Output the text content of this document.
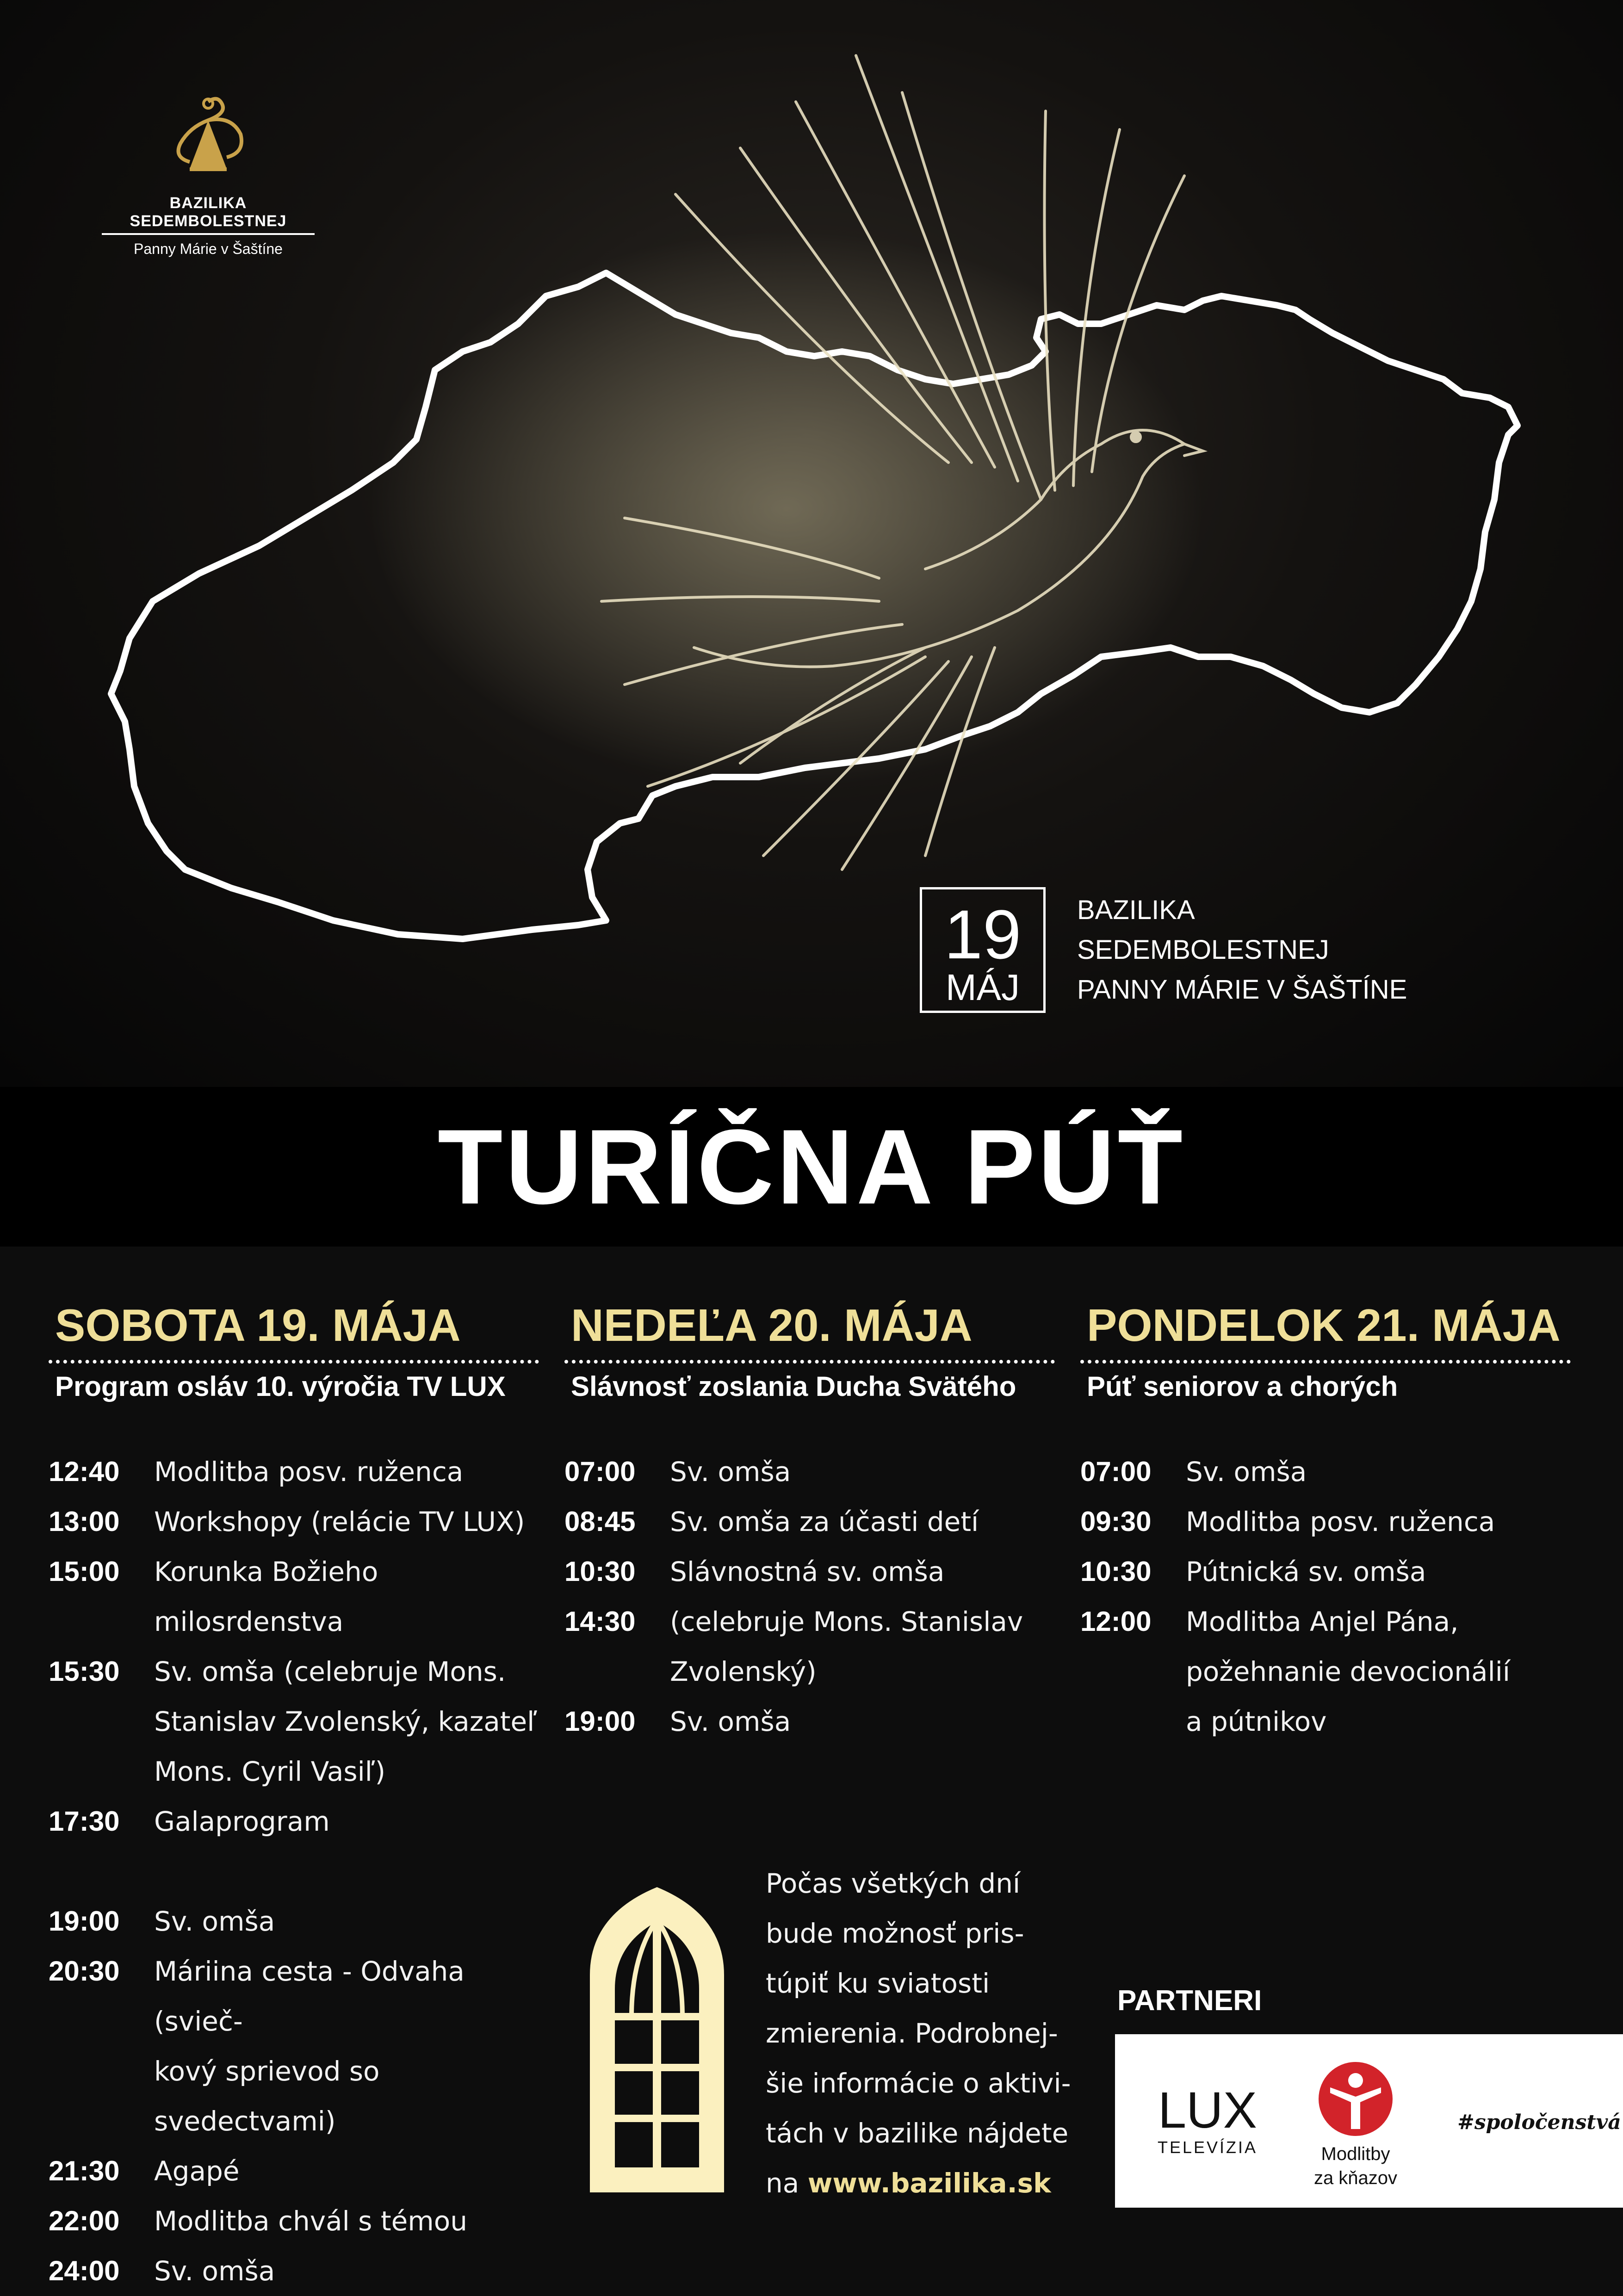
BAZILIKA SEDEMBOLESTNEJ
Panny Márie v Šaštíne
19
MÁJ
BAZILIKA
SEDEMBOLESTNEJ
PANNY MÁRIE V ŠAŠTÍNE
TURÍČNA PÚŤ
SOBOTA 19. MÁJA
Program osláv 10. výročia TV LUX
12:40	Modlitba posv. ruženca
13:00	Workshopy (relácie TV LUX)
15:00	Korunka Božieho
milosrdenstva
15:30	Sv. omša (celebruje Mons.
Stanislav Zvolenský, kazateľ
Mons. Cyril Vasiľ)
17:30	Galaprogram
19:00	Sv. omša
20:30	Máriina cesta - Odvaha (svieč-
kový sprievod so svedectvami)
21:30	Agapé
22:00	Modlitba chvál s témou
24:00	Sv. omša
NEDEĽA 20. MÁJA
Slávnosť zoslania Ducha Svätého
07:00	Sv. omša
08:45	Sv. omša za účasti detí
10:30	Slávnostná sv. omša
14:30	(celebruje Mons. Stanislav
Zvolenský)
19:00	Sv. omša
PONDELOK 21. MÁJA
Púť seniorov a chorých
07:00	Sv. omša
09:30	Modlitba posv. ruženca
10:30	Pútnická sv. omša
12:00	Modlitba Anjel Pána,
požehnanie devocionálií
a pútnikov
Počas všetkých dní
bude možnosť pris-
túpiť ku sviatosti
zmierenia. Podrobnej-
šie informácie o aktivi-
tách v bazilike nájdete
na www.bazilika.sk
PARTNERI
LUX
TELEVÍZIA	Modlitby
za kňazov
#spoločenstvá
